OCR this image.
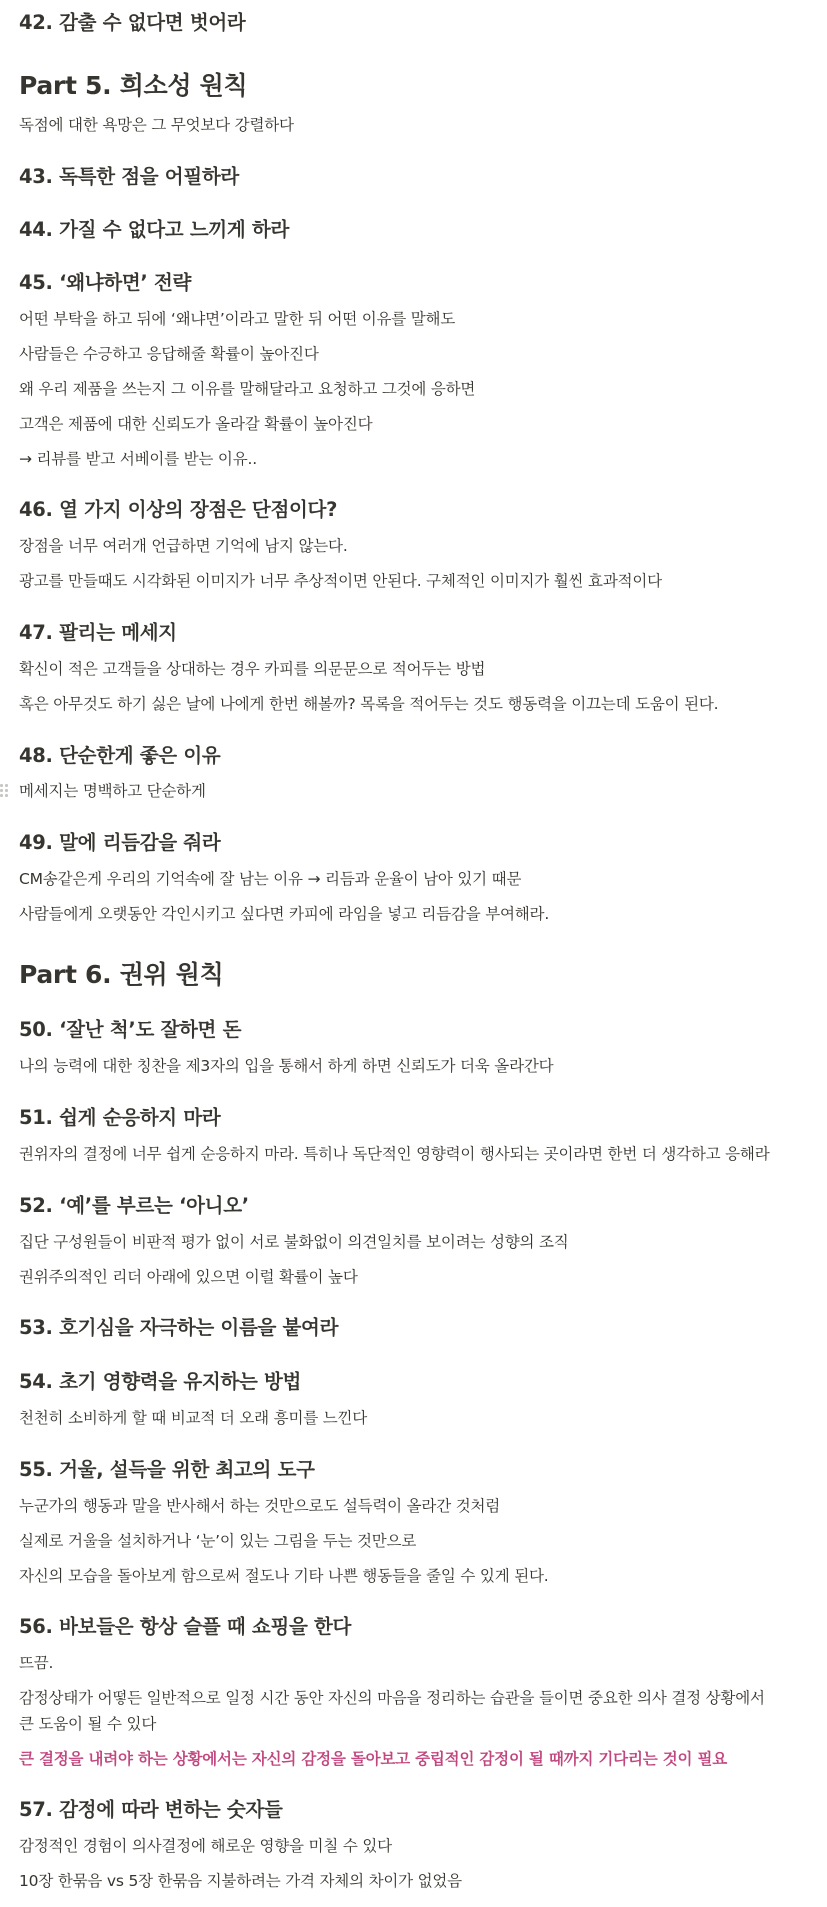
42. 감출 수 없다면 벗어라
Part 5. 희소성 원칙

독점에 대한 욕망은 그 무엇보다 강렬하다

43. 독특한 점을 어필하라
44. 가질 수 없다고 느끼게 하라
45. ‘왜냐하면’ 전략

어떤 부탁을 하고 뒤에 ‘왜냐면’이라고 말한 뒤 어떤 이유를 말해도

사람들은 수긍하고 응답해줄 확률이 높아진다

왜 우리 제품을 쓰는지 그 이유를 말해달라고 요청하고 그것에 응하면

고객은 제품에 대한 신뢰도가 올라갈 확률이 높아진다

→ 리뷰를 받고 서베이를 받는 이유..

46. 열 가지 이상의 장점은 단점이다?

장점을 너무 여러개 언급하면 기억에 남지 않는다.

광고를 만들때도 시각화된 이미지가 너무 추상적이면 안된다. 구체적인 이미지가 훨씬 효과적이다

47. 팔리는 메세지

확신이 적은 고객들을 상대하는 경우 카피를 의문문으로 적어두는 방법

혹은 아무것도 하기 싫은 날에 나에게 한번 해볼까? 목록을 적어두는 것도 행동력을 이끄는데 도움이 된다.

48. 단순한게 좋은 이유

메세지는 명백하고 단순하게

49. 말에 리듬감을 줘라

CM송같은게 우리의 기억속에 잘 남는 이유 → 리듬과 운율이 남아 있기 때문

사람들에게 오랫동안 각인시키고 싶다면 카피에 라임을 넣고 리듬감을 부여해라.

Part 6. 권위 원칙
50. ‘잘난 척’도 잘하면 돈

나의 능력에 대한 칭찬을 제3자의 입을 통해서 하게 하면 신뢰도가 더욱 올라간다

51. 쉽게 순응하지 마라

권위자의 결정에 너무 쉽게 순응하지 마라. 특히나 독단적인 영향력이 행사되는 곳이라면 한번 더 생각하고 응해라

52. ‘예’를 부르는 ‘아니오’

집단 구성원들이 비판적 평가 없이 서로 불화없이 의견일치를 보이려는 성향의 조직

권위주의적인 리더 아래에 있으면 이럴 확률이 높다

53. 호기심을 자극하는 이름을 붙여라
54. 초기 영향력을 유지하는 방법

천천히 소비하게 할 때 비교적 더 오래 흥미를 느낀다

55. 거울, 설득을 위한 최고의 도구

누군가의 행동과 말을 반사해서 하는 것만으로도 설득력이 올라간 것처럼

실제로 거울을 설치하거나 ‘눈’이 있는 그림을 두는 것만으로

자신의 모습을 돌아보게 함으로써 절도나 기타 나쁜 행동들을 줄일 수 있게 된다.

56. 바보들은 항상 슬플 때 쇼핑을 한다

뜨끔.

감정상태가 어떻든 일반적으로 일정 시간 동안 자신의 마음을 정리하는 습관을 들이면 중요한 의사 결정 상황에서

큰 도움이 될 수 있다

큰 결정을 내려야 하는 상황에서는 자신의 감정을 돌아보고 중립적인 감정이 될 때까지 기다리는 것이 필요

57. 감정에 따라 변하는 숫자들

감정적인 경험이 의사결정에 해로운 영향을 미칠 수 있다

10장 한묶음 vs 5장 한묶음 지불하려는 가격 자체의 차이가 없었음
